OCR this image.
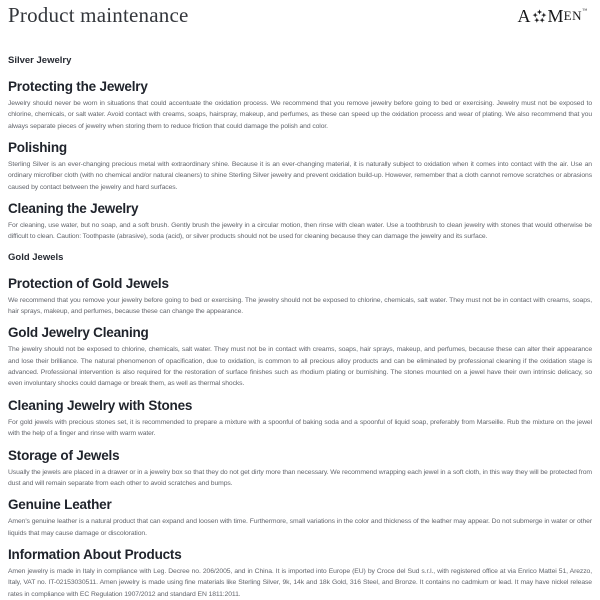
Product maintenance	A M EN ™
Silver Jewelry
Protecting the Jewelry

Jewelry should never be worn in situations that could accentuate the oxidation process. We recommend that you remove jewelry before going to bed or exercising. Jewelry must not be exposed to chlorine, chemicals, or salt water. Avoid contact with creams, soaps, hairspray, makeup, and perfumes, as these can speed up the oxidation process and wear of plating. We also recommend that you always separate pieces of jewelry when storing them to reduce friction that could damage the polish and color.

Polishing

Sterling Silver is an ever-changing precious metal with extraordinary shine. Because it is an ever-changing material, it is naturally subject to oxidation when it comes into contact with the air. Use an ordinary microfiber cloth (with no chemical and/or natural cleaners) to shine Sterling Silver jewelry and prevent oxidation build-up. However, remember that a cloth cannot remove scratches or abrasions caused by contact between the jewelry and hard surfaces.

Cleaning the Jewelry

For cleaning, use water, but no soap, and a soft brush. Gently brush the jewelry in a circular motion, then rinse with clean water. Use a toothbrush to clean jewelry with stones that would otherwise be difficult to clean. Caution: Toothpaste (abrasive), soda (acid), or silver products should not be used for cleaning because they can damage the jewelry and its surface.

Gold Jewels
Protection of Gold Jewels

We recommend that you remove your jewelry before going to bed or exercising. The jewelry should not be exposed to chlorine, chemicals, salt water. They must not be in contact with creams, soaps, hair sprays, makeup, and perfumes, because these can change the appearance.

Gold Jewelry Cleaning

The jewelry should not be exposed to chlorine, chemicals, salt water. They must not be in contact with creams, soaps, hair sprays, makeup, and perfumes, because these can alter their appearance and lose their brilliance. The natural phenomenon of opacification, due to oxidation, is common to all precious alloy products and can be eliminated by professional cleaning if the oxidation stage is advanced. Professional intervention is also required for the restoration of surface finishes such as rhodium plating or burnishing. The stones mounted on a jewel have their own intrinsic delicacy, so even involuntary shocks could damage or break them, as well as thermal shocks.

Cleaning Jewelry with Stones

For gold jewels with precious stones set, it is recommended to prepare a mixture with a spoonful of baking soda and a spoonful of liquid soap, preferably from Marseille. Rub the mixture on the jewel with the help of a finger and rinse with warm water.

Storage of Jewels

Usually the jewels are placed in a drawer or in a jewelry box so that they do not get dirty more than necessary. We recommend wrapping each jewel in a soft cloth, in this way they will be protected from dust and will remain separate from each other to avoid scratches and bumps.

Genuine Leather

Amen's genuine leather is a natural product that can expand and loosen with time. Furthermore, small variations in the color and thickness of the leather may appear. Do not submerge in water or other liquids that may cause damage or discoloration.

Information About Products

Amen jewelry is made in Italy in compliance with Leg. Decree no. 206/2005, and in China. It is imported into Europe (EU) by Croce del Sud s.r.l., with registered office at via Enrico Mattei 51, Arezzo, Italy, VAT no. IT-02153030511. Amen jewelry is made using fine materials like Sterling Silver, 9k, 14k and 18k Gold, 316 Steel, and Bronze. It contains no cadmium or lead. It may have nickel release rates in compliance with EC Regulation 1907/2012 and standard EN 1811:2011.
